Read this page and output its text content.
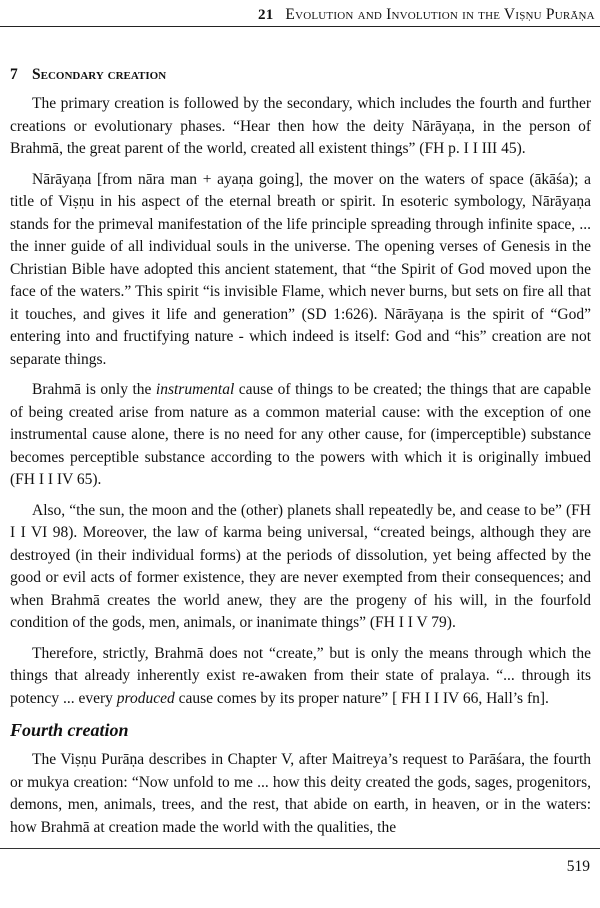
21 Evolution and Involution in the Viṣṇu Purāṇa
7 Secondary creation

The primary creation is followed by the secondary, which includes the fourth and further creations or evolutionary phases. “Hear then how the deity Nārāyaṇa, in the person of Brahmā, the great parent of the world, created all existent things” (FH p. I I III 45).

Nārāyaṇa [from nāra man + ayaṇa going], the mover on the waters of space (ākāśa); a title of Viṣṇu in his aspect of the eternal breath or spirit. In esoteric symbology, Nārāyaṇa stands for the primeval manifestation of the life principle spreading through infinite space, ... the inner guide of all individual souls in the universe. The opening verses of Genesis in the Christian Bible have adopted this ancient statement, that “the Spirit of God moved upon the face of the waters.” This spirit “is invisible Flame, which never burns, but sets on fire all that it touches, and gives it life and generation” (SD 1:626). Nārāyaṇa is the spirit of “God” entering into and fructifying nature - which indeed is itself: God and “his” creation are not separate things.

Brahmā is only the instrumental cause of things to be created; the things that are capable of being created arise from nature as a common material cause: with the exception of one instrumental cause alone, there is no need for any other cause, for (imperceptible) substance becomes perceptible substance according to the powers with which it is originally imbued (FH I I IV 65).

Also, “the sun, the moon and the (other) planets shall repeatedly be, and cease to be” (FH I I VI 98). Moreover, the law of karma being universal, “created beings, although they are destroyed (in their individual forms) at the periods of dissolution, yet being affected by the good or evil acts of former existence, they are never exempted from their consequences; and when Brahmā creates the world anew, they are the progeny of his will, in the fourfold condition of the gods, men, animals, or inanimate things” (FH I I V 79).

Therefore, strictly, Brahmā does not “create,” but is only the means through which the things that already inherently exist re-awaken from their state of pralaya. “... through its potency ... every produced cause comes by its proper nature” [ FH I I IV 66, Hall’s fn].

Fourth creation

The Viṣṇu Purāṇa describes in Chapter V, after Maitreya’s request to Parāśara, the fourth or mukya creation: “Now unfold to me ... how this deity created the gods, sages, progenitors, demons, men, animals, trees, and the rest, that abide on earth, in heaven, or in the waters: how Brahmā at creation made the world with the qualities, the

519
